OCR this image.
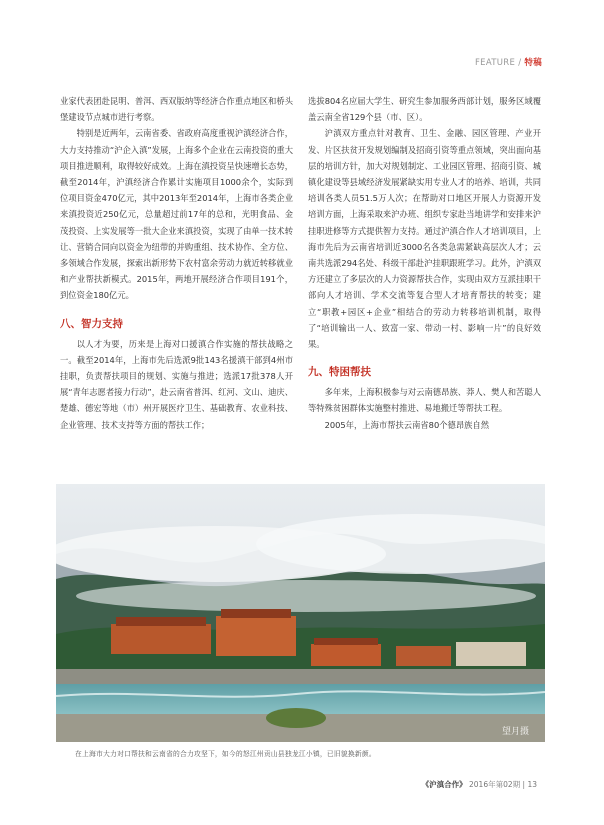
FEATURE / 特稿

业家代表团赴昆明、普洱、西双版纳等经济合作重点地区和桥头堡建设节点城市进行考察。

特别是近两年，云南省委、省政府高度重视沪滇经济合作，大力支持推动“沪企入滇”发展，上海多个企业在云南投资的重大项目推进顺利，取得较好成效。上海在滇投资呈快速增长态势，截至2014年，沪滇经济合作累计实施项目1000余个，实际到位项目资金470亿元，其中2013年至2014年，上海市各类企业来滇投资近250亿元，总量超过前17年的总和，光明食品、金茂投资、上实发展等一批大企业来滇投资，实现了由单一技术转让、营销合同向以资金为纽带的并购重组、技术协作、全方位、多领域合作发展，探索出新形势下农村富余劳动力就近转移就业和产业帮扶新模式。2015年，两地开展经济合作项目191个，到位资金180亿元。

八、智力支持

以人才为要，历来是上海对口援滇合作实施的帮扶战略之一。截至2014年，上海市先后选派9批143名援滇干部到4州市挂职，负责帮扶项目的规划、实施与推进；选派17批378人开展“青年志愿者接力行动”，赴云南省普洱、红河、文山、迪庆、楚雄、德宏等地（市）州开展医疗卫生、基础教育、农业科技、企业管理、技术支持等方面的帮扶工作；

选拔804名应届大学生、研究生参加服务西部计划，服务区域覆盖云南全省129个县（市、区）。

沪滇双方重点针对教育、卫生、金融、园区管理、产业开发、片区扶贫开发规划编制及招商引资等重点领域，突出面向基层的培训方针，加大对规划制定、工业园区管理、招商引资、城镇化建设等县域经济发展紧缺实用专业人才的培养、培训，共同培训各类人员51.5万人次；在帮助对口地区开展人力资源开发培训方面，上海采取来沪办班、组织专家赴当地讲学和安排来沪挂职进修等方式提供智力支持。通过沪滇合作人才培训项目，上海市先后为云南省培训近3000名各类急需紧缺高层次人才；云南共选派294名处、科级干部赴沪挂职跟班学习。此外，沪滇双方还建立了多层次的人力资源帮扶合作，实现由双方互派挂职干部向人才培训、学术交流等复合型人才培育帮扶的转变；建立“职教+园区+企业”相结合的劳动力转移培训机制，取得了“培训输出一人、致富一家、带动一村、影响一片”的良好效果。

九、特困帮扶

多年来，上海积极参与对云南德昂族、莽人、樊人和苦聪人等特殊贫困群体实施整村推进、易地搬迁等帮扶工程。

2005年，上海市帮扶云南省80个德昂族自然

望月摄
在上海市大力对口帮扶和云南省的合力攻坚下，如今的怒江州贡山县独龙江小镇，已旧貌换新颜。
《沪滇合作》 2016年第02期 | 13
